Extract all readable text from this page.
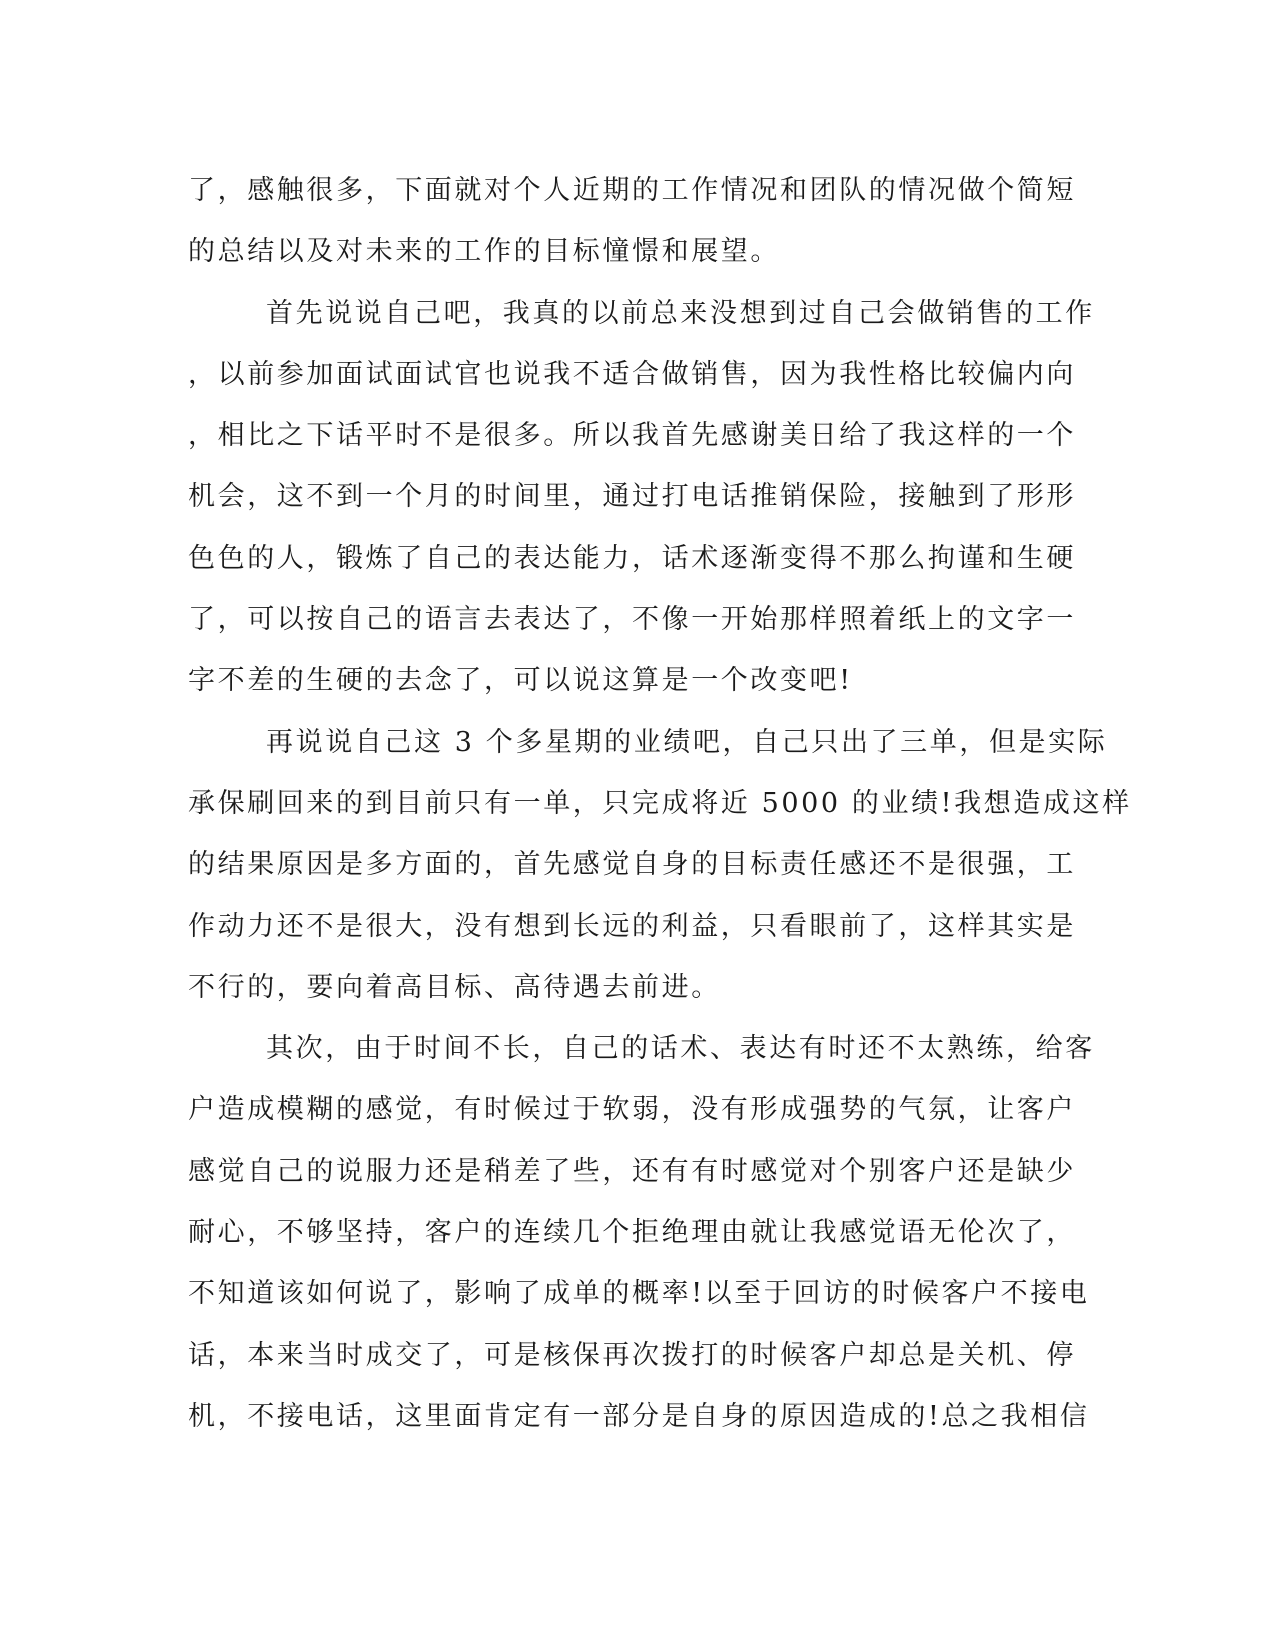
了，感触很多，下面就对个人近期的工作情况和团队的情况做个简短

的总结以及对未来的工作的目标憧憬和展望。

首先说说自己吧，我真的以前总来没想到过自己会做销售的工作

，以前参加面试面试官也说我不适合做销售，因为我性格比较偏内向

，相比之下话平时不是很多。所以我首先感谢美日给了我这样的一个

机会，这不到一个月的时间里，通过打电话推销保险，接触到了形形

色色的人，锻炼了自己的表达能力，话术逐渐变得不那么拘谨和生硬

了，可以按自己的语言去表达了，不像一开始那样照着纸上的文字一

字不差的生硬的去念了，可以说这算是一个改变吧!

再说说自己这 3 个多星期的业绩吧，自己只出了三单，但是实际

承保刷回来的到目前只有一单，只完成将近 5000 的业绩!我想造成这样

的结果原因是多方面的，首先感觉自身的目标责任感还不是很强，工

作动力还不是很大，没有想到长远的利益，只看眼前了，这样其实是

不行的，要向着高目标、高待遇去前进。

其次，由于时间不长，自己的话术、表达有时还不太熟练，给客

户造成模糊的感觉，有时候过于软弱，没有形成强势的气氛，让客户

感觉自己的说服力还是稍差了些，还有有时感觉对个别客户还是缺少

耐心，不够坚持，客户的连续几个拒绝理由就让我感觉语无伦次了，

不知道该如何说了，影响了成单的概率!以至于回访的时候客户不接电

话，本来当时成交了，可是核保再次拨打的时候客户却总是关机、停

机，不接电话，这里面肯定有一部分是自身的原因造成的!总之我相信
